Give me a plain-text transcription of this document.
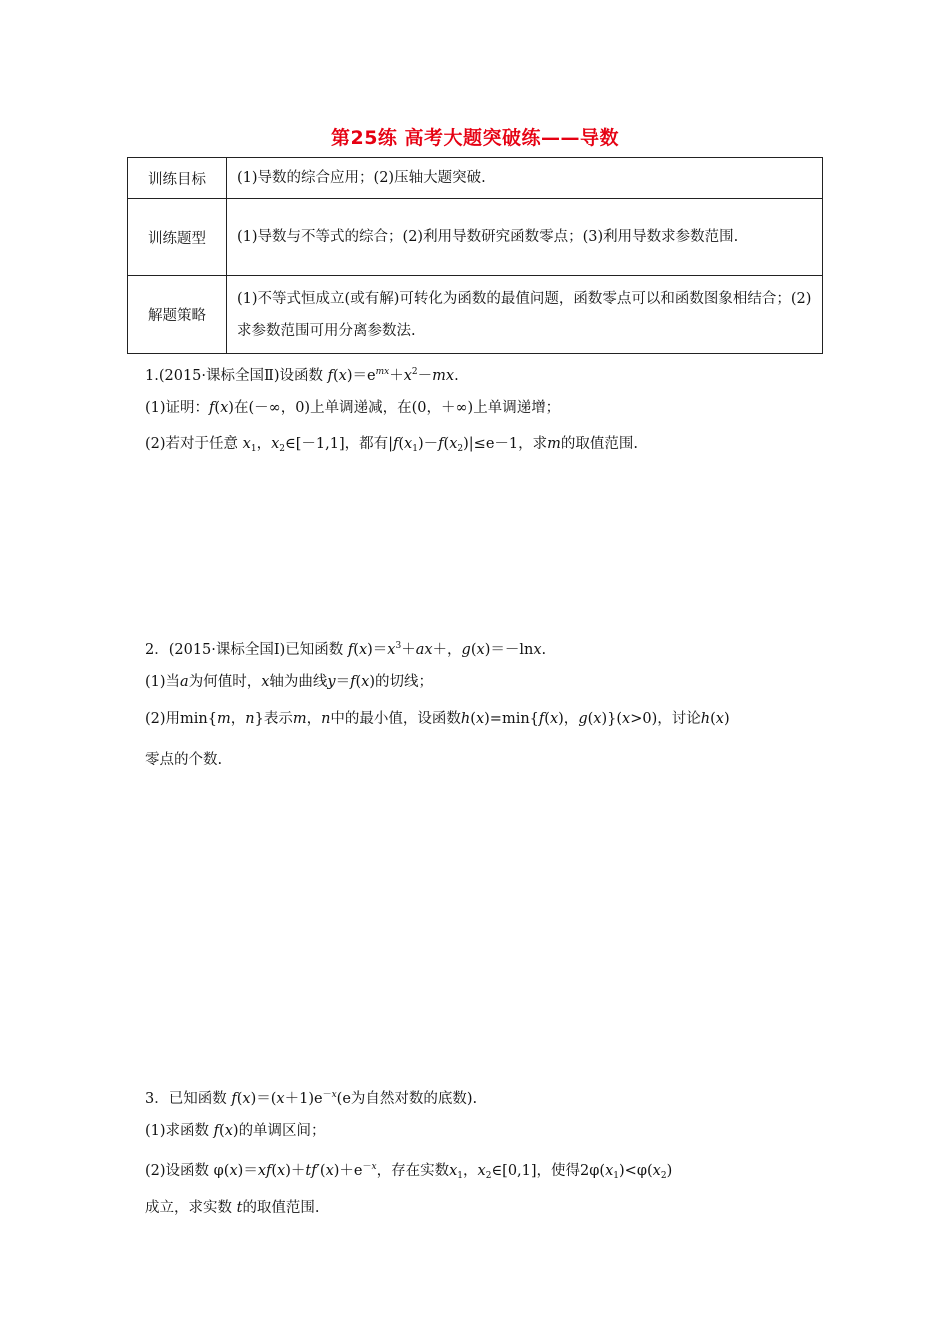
第25练 高考大题突破练——导数
训练目标	(1)导数的综合应用；(2)压轴大题突破.
训练题型	(1)导数与不等式的综合；(2)利用导数研究函数零点；(3)利用导数求参数范围.
解题策略	(1)不等式恒成立(或有解)可转化为函数的最值问题，函数零点可以和函数图象相结合；(2)求参数范围可用分离参数法.
1.(2015·课标全国Ⅱ)设函数 $f(x)=e^{mx}+x^2-mx$.
(1)证明：f(x)在(－∞，0)上单调递减，在(0，＋∞)上单调递增；
(2)若对于任意 $x_1$，$x_2\in[-1,1]$，都有$|f(x_1)-f(x_2)|\le e-1$，求m的取值范围.
2．(2015·课标全国Ⅰ)已知函数 $f(x)=x^3+ax+$，g(x)＝－lnx.
(1)当a为何值时，x轴为曲线y＝f(x)的切线；
(2)用min{m，n}表示m，n中的最小值，设函数h(x)=min{f(x)，g(x)}(x>0)，讨论h(x)
零点的个数.
3．已知函数 $f(x)=(x+1)e^{-x}(e$为自然对数的底数).
(1)求函数 f(x)的单调区间；
(2)设函数 $\varphi(x)=xf(x)+tf'(x)+e^{-x}$，存在实数$x_1$，$x_2\in[0,1]$，使得$2\varphi(x_1)<\varphi(x_2)$
成立，求实数 t的取值范围.
